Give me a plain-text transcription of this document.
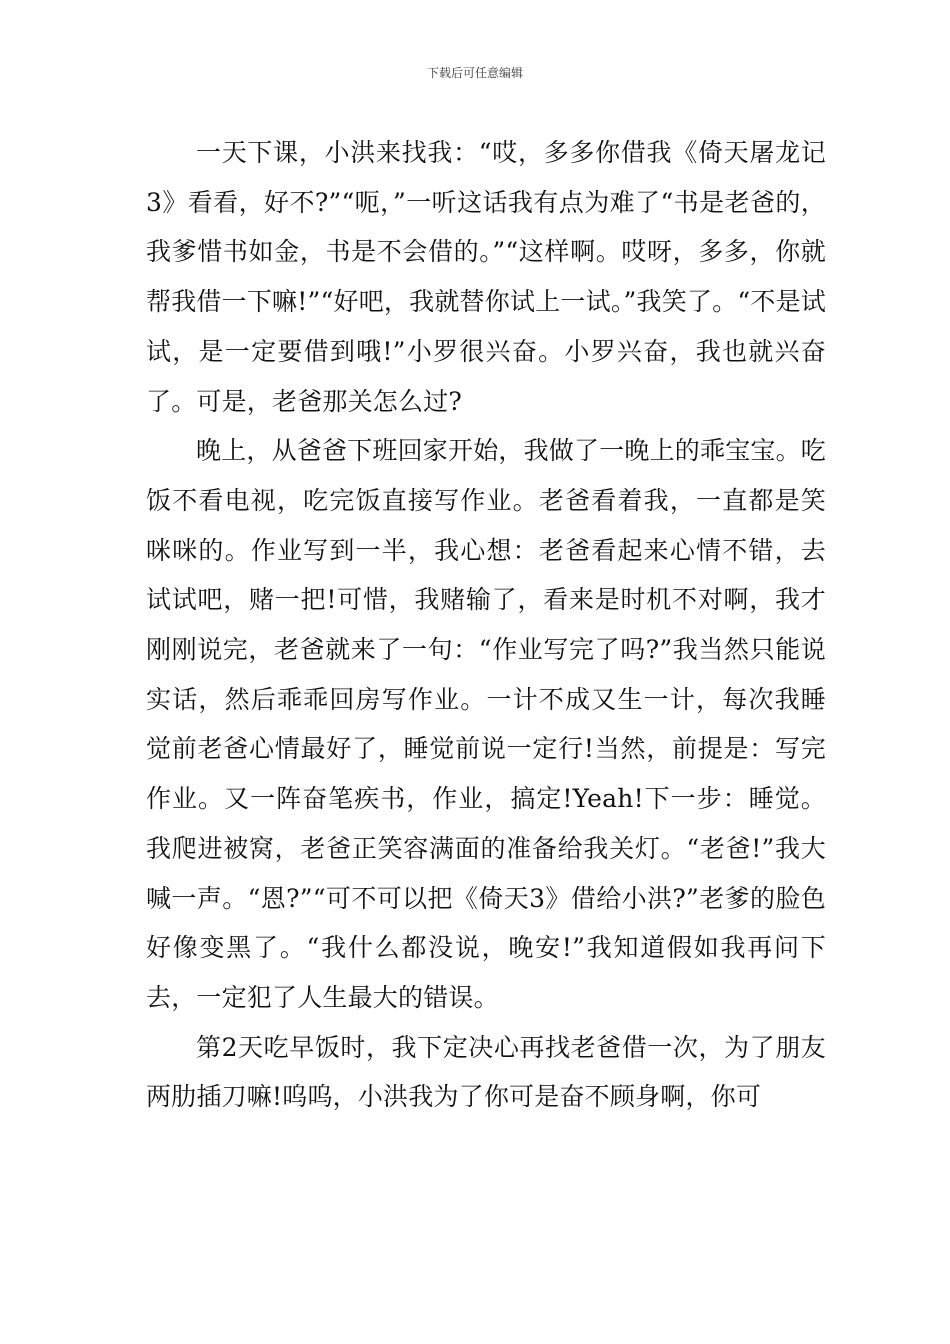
下载后可任意编辑

一天下课，小洪来找我：“哎，多多你借我《倚天屠龙记3》看看，好不?”“呃，”一听这话我有点为难了“书是老爸的，我爹惜书如金，书是不会借的。”“这样啊。哎呀，多多，你就帮我借一下嘛!”“好吧，我就替你试上一试。”我笑了。“不是试试，是一定要借到哦!”小罗很兴奋。小罗兴奋，我也就兴奋了。可是，老爸那关怎么过?

晚上，从爸爸下班回家开始，我做了一晚上的乖宝宝。吃饭不看电视，吃完饭直接写作业。老爸看着我，一直都是笑咪咪的。作业写到一半，我心想：老爸看起来心情不错，去试试吧，赌一把!可惜，我赌输了，看来是时机不对啊，我才刚刚说完，老爸就来了一句：“作业写完了吗?”我当然只能说实话，然后乖乖回房写作业。一计不成又生一计，每次我睡觉前老爸心情最好了，睡觉前说一定行!当然，前提是：写完作业。又一阵奋笔疾书，作业，搞定!Yeah!下一步：睡觉。我爬进被窝，老爸正笑容满面的准备给我关灯。“老爸!”我大喊一声。“恩?”“可不可以把《倚天3》借给小洪?”老爹的脸色好像变黑了。“我什么都没说，晚安!”我知道假如我再问下去，一定犯了人生最大的错误。

第2天吃早饭时，我下定决心再找老爸借一次，为了朋友两肋插刀嘛!呜呜，小洪我为了你可是奋不顾身啊，你可
